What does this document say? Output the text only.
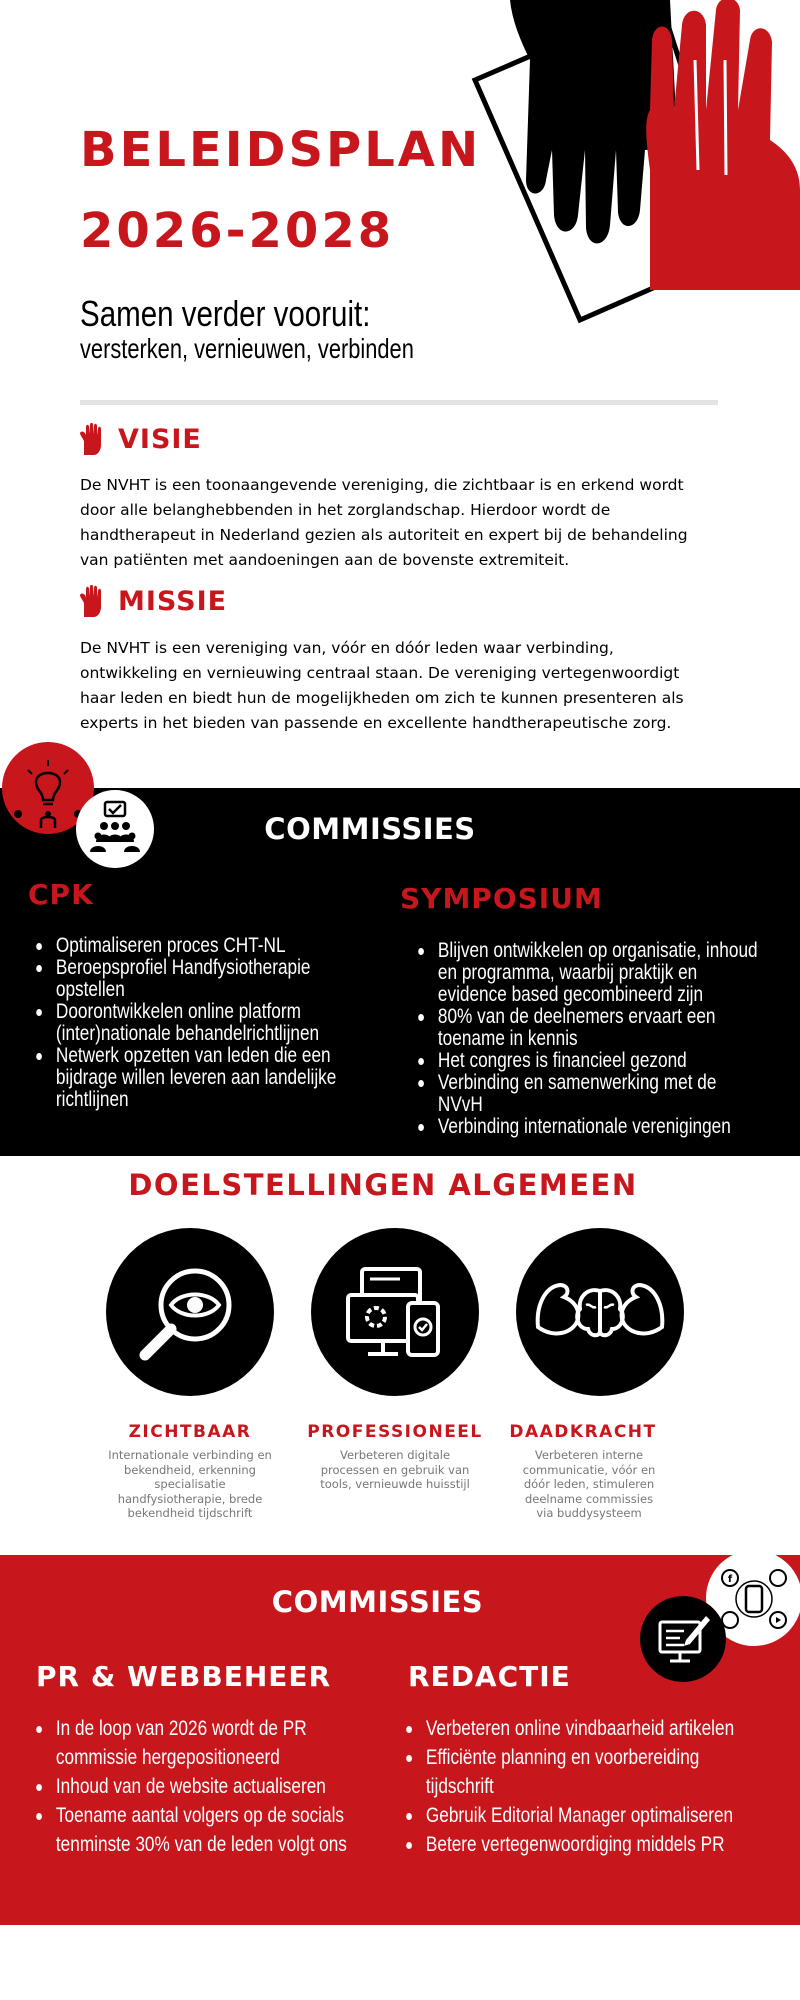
BELEIDSPLAN
2026-2028
Samen verder vooruit:
versterken, vernieuwen, verbinden
VISIE

De NVHT is een toonaangevende vereniging, die zichtbaar is en erkend wordt door alle belanghebbenden in het zorglandschap. Hierdoor wordt de handtherapeut in Nederland gezien als autoriteit en expert bij de behandeling van patiënten met aandoeningen aan de bovenste extremiteit.

MISSIE

De NVHT is een vereniging van, vóór en dóór leden waar verbinding, ontwikkeling en vernieuwing centraal staan. De vereniging vertegenwoordigt haar leden en biedt hun de mogelijkheden om zich te kunnen presenteren als experts in het bieden van passende en excellente handtherapeutische zorg.

COMMISSIES
CPK
Optimaliseren proces CHT-NL
Beroepsprofiel Handfysiotherapie opstellen
Doorontwikkelen online platform (inter)nationale behandelrichtlijnen
Netwerk opzetten van leden die een bijdrage willen leveren aan landelijke richtlijnen
SYMPOSIUM
Blijven ontwikkelen op organisatie, inhoud en programma, waarbij praktijk en evidence based gecombineerd zijn
80% van de deelnemers ervaart een toename in kennis
Het congres is financieel gezond
Verbinding en samenwerking met de NVvH
Verbinding internationale verenigingen
DOELSTELLINGEN ALGEMEEN
ZICHTBAAR
Internationale verbinding en bekendheid, erkenning specialisatie handfysiotherapie, brede bekendheid tijdschrift
PROFESSIONEEL
Verbeteren digitale processen en gebruik van tools, vernieuwde huisstijl
DAADKRACHT
Verbeteren interne communicatie, vóór en dóór leden, stimuleren deelname commissies via buddysysteem
f
COMMISSIES
PR & WEBBEHEER
In de loop van 2026 wordt de PR commissie hergepositioneerd
Inhoud van de website actualiseren
Toename aantal volgers op de socials tenminste 30% van de leden volgt ons
REDACTIE
Verbeteren online vindbaarheid artikelen
Efficiënte planning en voorbereiding tijdschrift
Gebruik Editorial Manager optimaliseren
Betere vertegenwoordiging middels PR
